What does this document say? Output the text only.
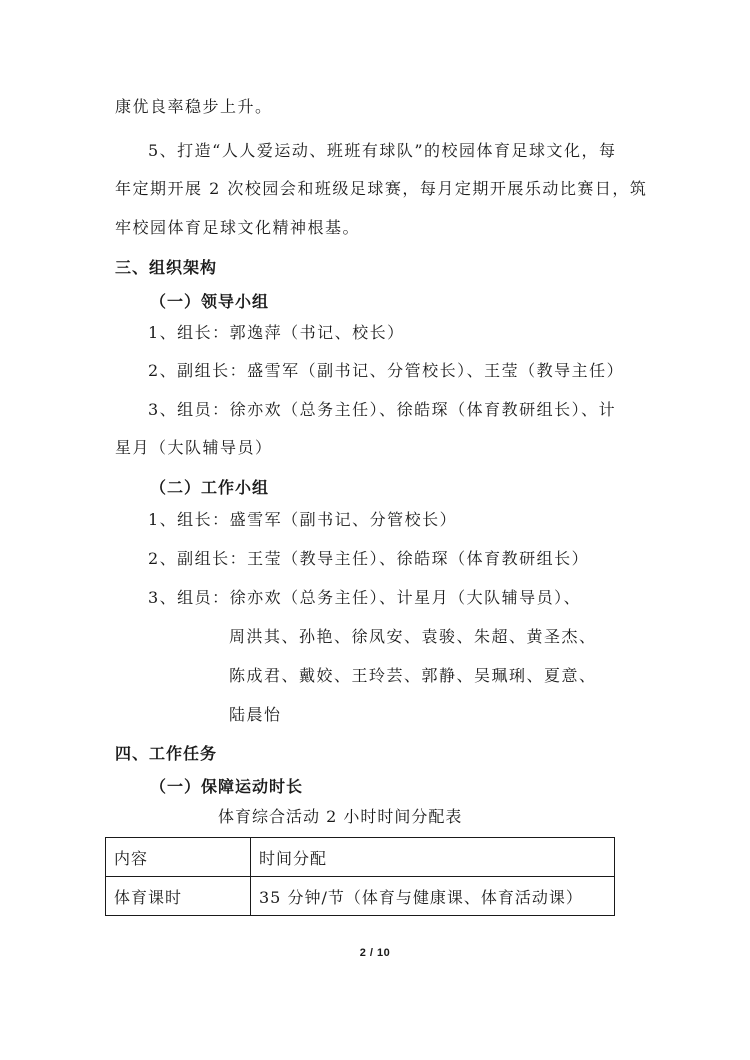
康优良率稳步上升。
5、打造“人人爱运动、班班有球队”的校园体育足球文化，每
年定期开展 2 次校园会和班级足球赛，每月定期开展乐动比赛日，筑
牢校园体育足球文化精神根基。
三、组织架构
（一）领导小组
1、组长：郭逸萍（书记、校长）
2、副组长：盛雪军（副书记、分管校长）、王莹（教导主任）
3、组员：徐亦欢（总务主任）、徐皓琛（体育教研组长）、计
星月（大队辅导员）
（二）工作小组
1、组长：盛雪军（副书记、分管校长）
2、副组长：王莹（教导主任）、徐皓琛（体育教研组长）
3、组员：徐亦欢（总务主任）、计星月（大队辅导员）、
周洪其、孙艳、徐凤安、袁骏、朱超、黄圣杰、
陈成君、戴姣、王玲芸、郭静、吴珮琍、夏意、
陆晨怡
四、工作任务
（一）保障运动时长
体育综合活动 2 小时时间分配表
内容	时间分配
体育课时	35 分钟/节（体育与健康课、体育活动课）
2 / 10
